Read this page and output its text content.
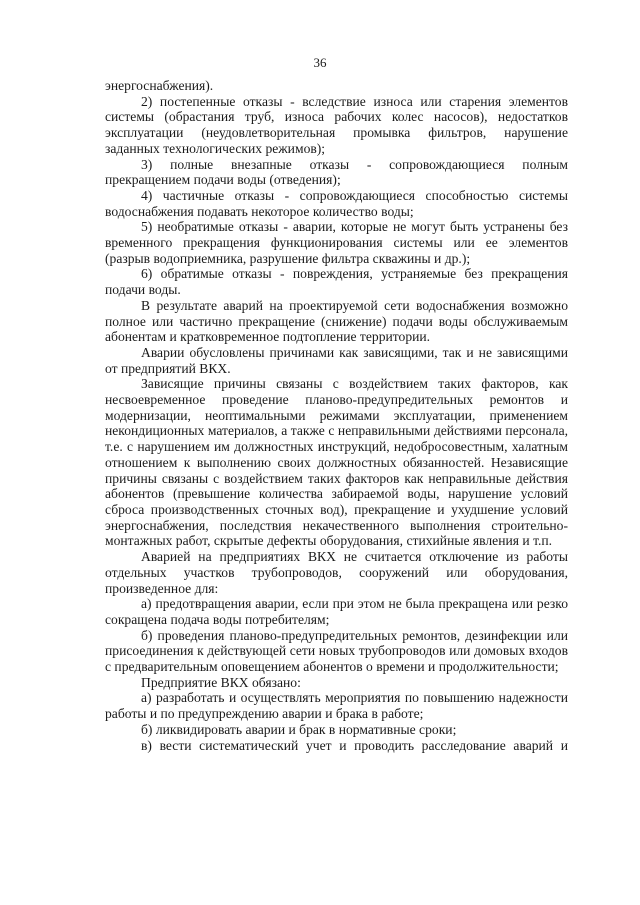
36

энергоснабжения).

2) постепенные отказы - вследствие износа или старения элементов системы (обрастания труб, износа рабочих колес насосов), недостатков эксплуатации (неудовлетворительная промывка фильтров, нарушение заданных технологических режимов);

3) полные внезапные отказы - сопровождающиеся полным прекращением подачи воды (отведения);

4) частичные отказы - сопровождающиеся способностью системы водоснабжения подавать некоторое количество воды;

5) необратимые отказы - аварии, которые не могут быть устранены без временного прекращения функционирования системы или ее элементов (разрыв водоприемника, разрушение фильтра скважины и др.);

6) обратимые отказы - повреждения, устраняемые без прекращения подачи воды.

В результате аварий на проектируемой сети водоснабжения возможно полное или частично прекращение (снижение) подачи воды обслуживаемым абонентам и кратковременное подтопление территории.

Аварии обусловлены причинами как зависящими, так и не зависящими от предприятий ВКХ.

Зависящие причины связаны с воздействием таких факторов, как несвоевременное проведение планово-предупредительных ремонтов и модернизации, неоптимальными режимами эксплуатации, применением некондиционных материалов, а также с неправильными действиями персонала, т.е. с нарушением им должностных инструкций, недобросовестным, халатным отношением к выполнению своих должностных обязанностей. Независящие причины связаны с воздействием таких факторов как неправильные действия абонентов (превышение количества забираемой воды, нарушение условий сброса производственных сточных вод), прекращение и ухудшение условий энергоснабжения, последствия некачественного выполнения строительно-монтажных работ, скрытые дефекты оборудования, стихийные явления и т.п.

Аварией на предприятиях ВКХ не считается отключение из работы отдельных участков трубопроводов, сооружений или оборудования, произведенное для:

а) предотвращения аварии, если при этом не была прекращена или резко сокращена подача воды потребителям;

б) проведения планово-предупредительных ремонтов, дезинфекции или присоединения к действующей сети новых трубопроводов или домовых входов с предварительным оповещением абонентов о времени и продолжительности;

Предприятие ВКХ обязано:

а) разработать и осуществлять мероприятия по повышению надежности работы и по предупреждению аварии и брака в работе;

б) ликвидировать аварии и брак в нормативные сроки;

в) вести систематический учет и проводить расследование аварий и
